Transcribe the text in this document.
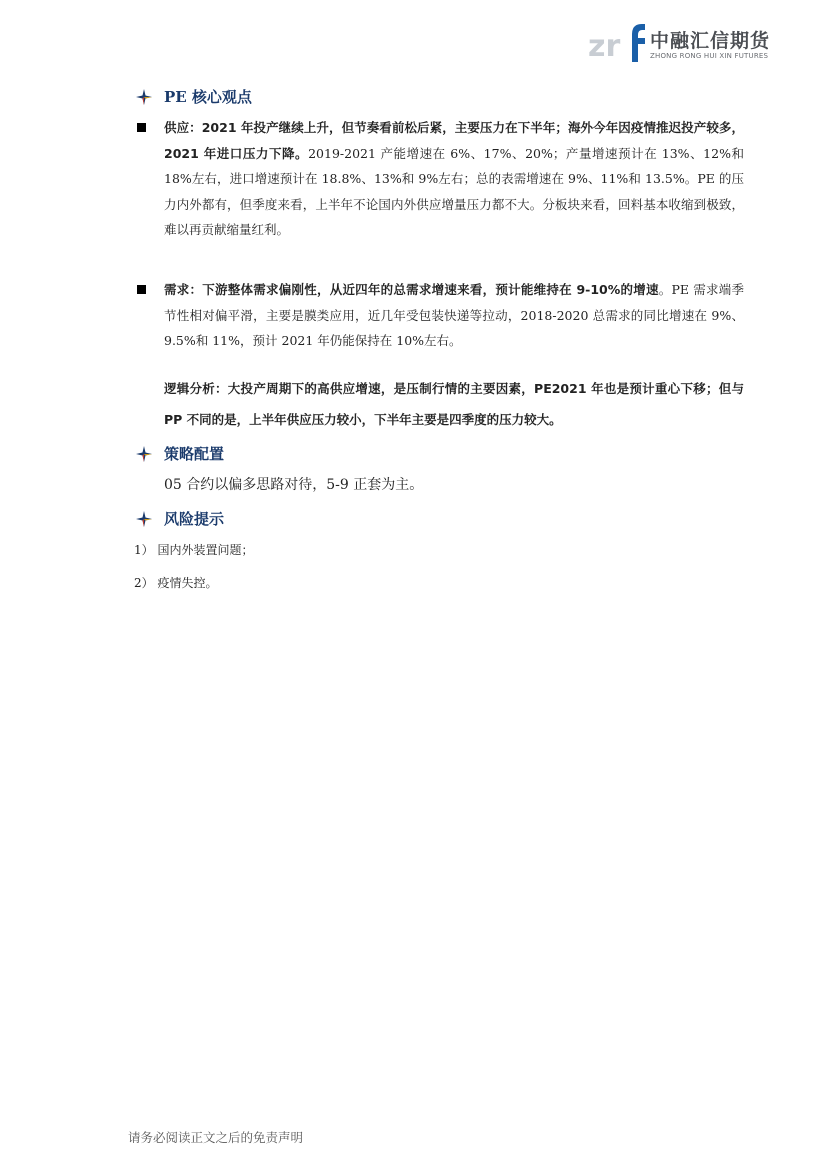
zr 中融汇信期货
ZHONG RONG HUI XIN FUTURES
PE 核心观点
供应：2021 年投产继续上升，但节奏看前松后紧，主要压力在下半年；海外今年因疫情推迟投产较多，2021 年进口压力下降。2019-2021 产能增速在 6%、17%、20%；产量增速预计在 13%、12%和 18%左右，进口增速预计在 18.8%、13%和 9%左右；总的表需增速在 9%、11%和 13.5%。PE 的压力内外都有，但季度来看，上半年不论国内外供应增量压力都不大。分板块来看，回料基本收缩到极致，难以再贡献缩量红利。
需求：下游整体需求偏刚性，从近四年的总需求增速来看，预计能维持在 9-10%的增速。PE 需求端季节性相对偏平滑，主要是膜类应用，近几年受包装快递等拉动，2018-2020 总需求的同比增速在 9%、9.5%和 11%，预计 2021 年仍能保持在 10%左右。
逻辑分析：大投产周期下的高供应增速，是压制行情的主要因素，PE2021 年也是预计重心下移；但与 PP 不同的是，上半年供应压力较小，下半年主要是四季度的压力较大。
策略配置
05 合约以偏多思路对待，5-9 正套为主。
风险提示
1） 国内外装置问题；
2） 疫情失控。
请务必阅读正文之后的免责声明
